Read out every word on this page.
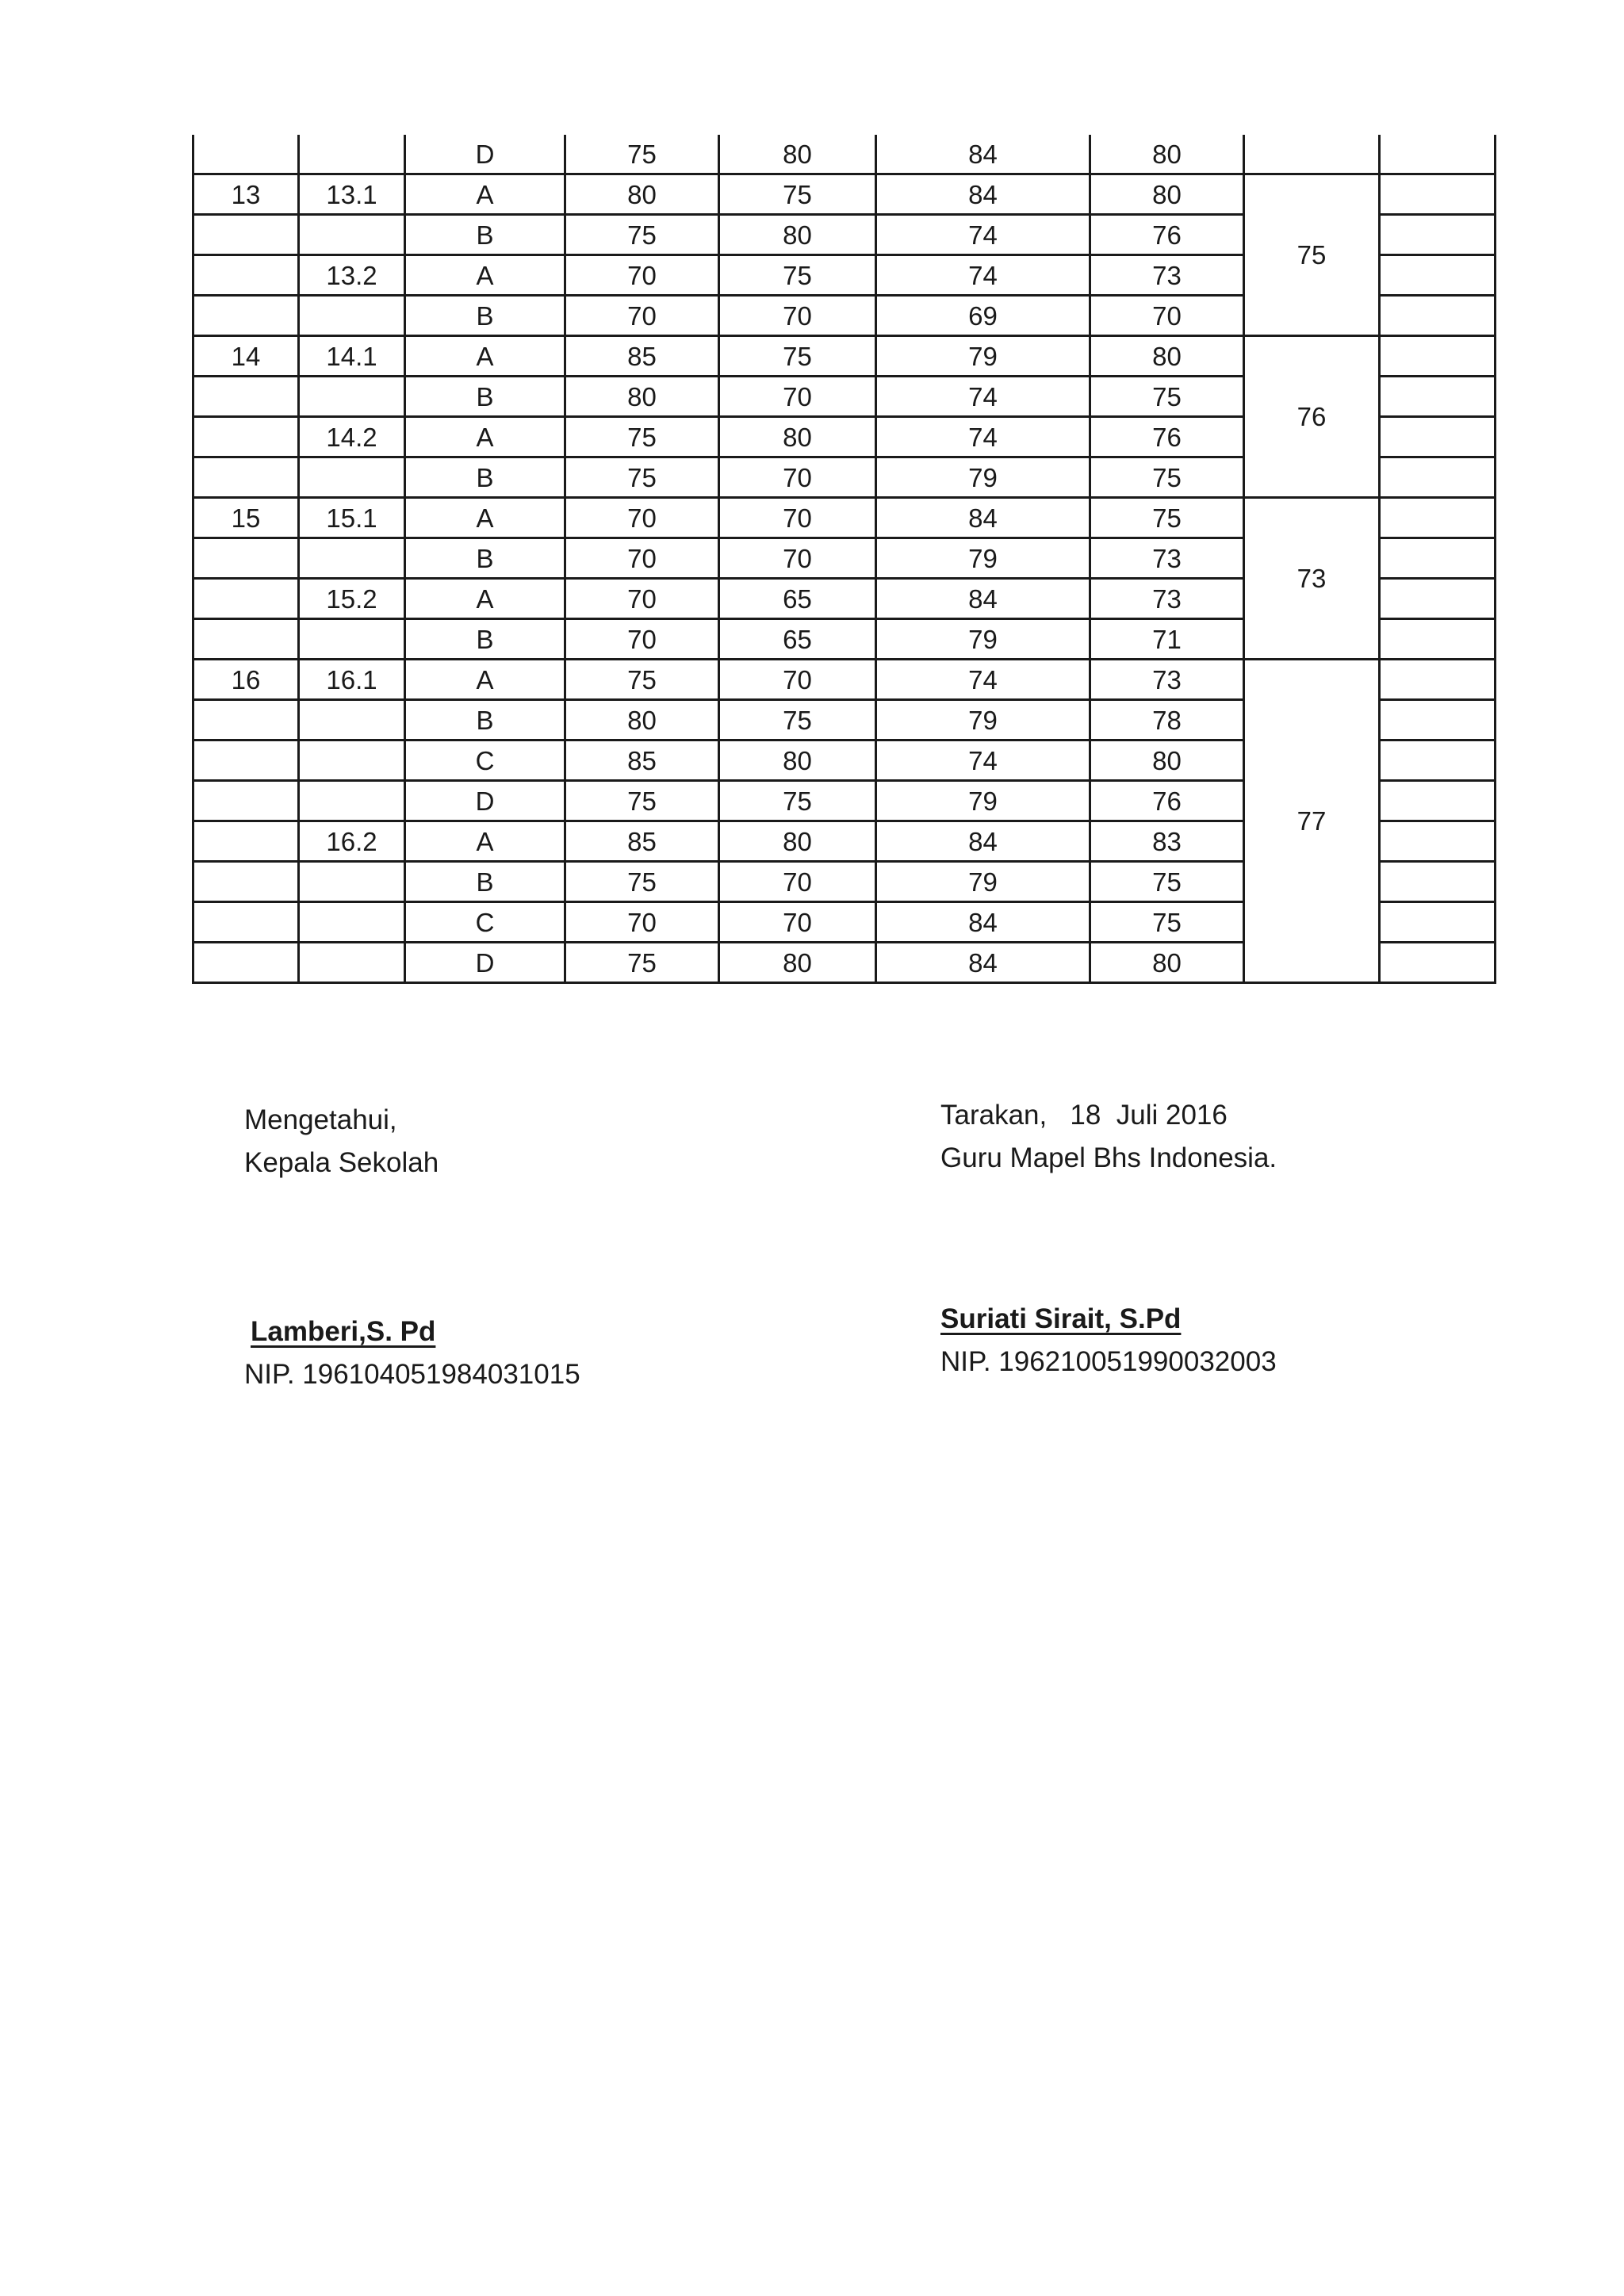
		D	75	80	84	80		
13	13.1	A	80	75	84	80	75	
		B	75	80	74	76		
	13.2	A	70	75	74	73		
		B	70	70	69	70		
14	14.1	A	85	75	79	80	76	
		B	80	70	74	75		
	14.2	A	75	80	74	76		
		B	75	70	79	75		
15	15.1	A	70	70	84	75	73	
		B	70	70	79	73		
	15.2	A	70	65	84	73		
		B	70	65	79	71		
16	16.1	A	75	70	74	73	77	
		B	80	75	79	78		
		C	85	80	74	80		
		D	75	75	79	76		
	16.2	A	85	80	84	83		
		B	75	70	79	75		
		C	70	70	84	75		
		D	75	80	84	80		
Mengetahui,
Kepala Sekolah
Lamberi,S. Pd
NIP. 196104051984031015
Tarakan,   18  Juli 2016
Guru Mapel Bhs Indonesia.
Suriati Sirait, S.Pd
NIP. 196210051990032003
